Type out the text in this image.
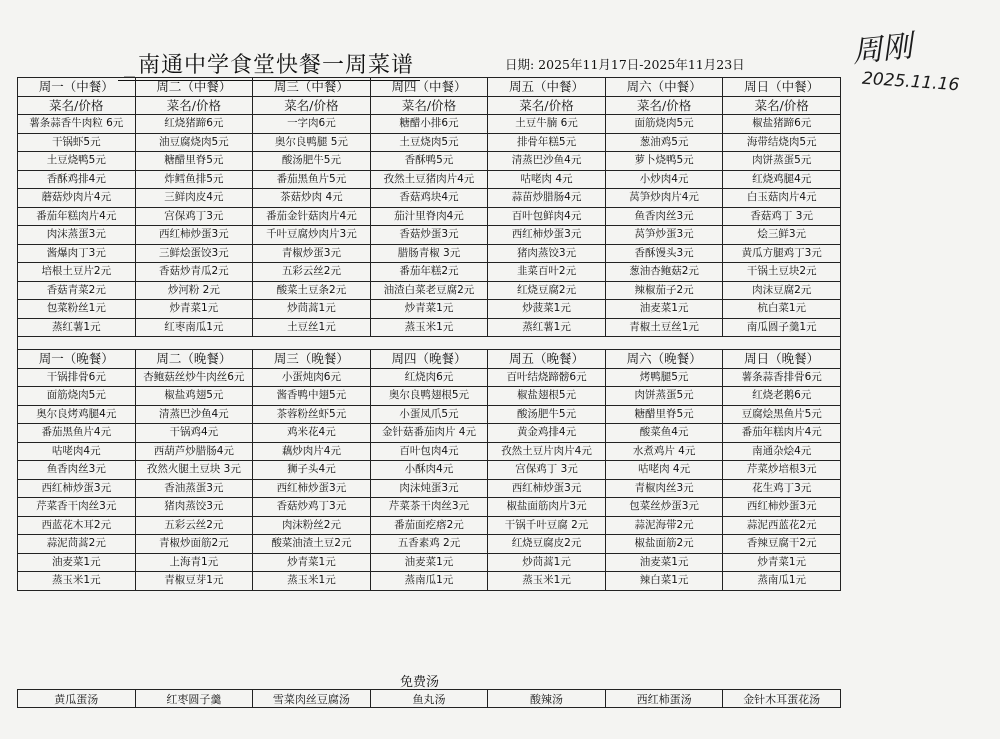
_南通中学食堂快餐一周菜谱	日期: 2025年11月17日-2025年11月23日	周刚
2025.11.16
周一（中餐）	周二（中餐）	周三（中餐）	周四（中餐）	周五（中餐）	周六（中餐）	周日（中餐）
菜名/价格	菜名/价格	菜名/价格	菜名/价格	菜名/价格	菜名/价格	菜名/价格
薯条蒜香牛肉粒 6元	红烧猪蹄6元	一字肉6元	糖醋小排6元	土豆牛腩 6元	面筋烧肉5元	椒盐猪蹄6元
干锅虾5元	油豆腐烧肉5元	奥尔良鸭腿 5元	土豆烧肉5元	排骨年糕5元	葱油鸡5元	海带结烧肉5元
土豆烧鸭5元	糖醋里脊5元	酸汤肥牛5元	香酥鸭5元	清蒸巴沙鱼4元	萝卜烧鸭5元	肉饼蒸蛋5元
香酥鸡排4元	炸鳕鱼排5元	番茄黑鱼片5元	孜然土豆猪肉片4元	咕咾肉 4元	小炒肉4元	红烧鸡腿4元
蘑菇炒肉片4元	三鲜肉皮4元	茶菇炒肉 4元	香菇鸡块4元	蒜苗炒腊肠4元	莴笋炒肉片4元	白玉菇肉片4元
番茄年糕肉片4元	宫保鸡丁3元	番茄金针菇肉片4元	茄汁里脊肉4元	百叶包鲜肉4元	鱼香肉丝3元	香菇鸡丁 3元
肉沫蒸蛋3元	西红柿炒蛋3元	千叶豆腐炒肉片3元	香菇炒蛋3元	西红柿炒蛋3元	莴笋炒蛋3元	烩三鲜3元
酱爆肉丁3元	三鲜烩蛋饺3元	青椒炒蛋3元	腊肠青椒 3元	猪肉蒸饺3元	香酥馒头3元	黄瓜方腿鸡丁3元
培根土豆片2元	香菇炒青瓜2元	五彩云丝2元	番茄年糕2元	韭菜百叶2元	葱油杏鲍菇2元	干锅土豆块2元
香菇青菜2元	炒河粉 2元	酸菜土豆条2元	油渣白菜老豆腐2元	红烧豆腐2元	辣椒茄子2元	肉沫豆腐2元
包菜粉丝1元	炒青菜1元	炒茼蒿1元	炒青菜1元	炒菠菜1元	油麦菜1元	杭白菜1元
蒸红薯1元	红枣南瓜1元	土豆丝1元	蒸玉米1元	蒸红薯1元	青椒土豆丝1元	南瓜圆子羹1元

周一（晚餐）	周二（晚餐）	周三（晚餐）	周四（晚餐）	周五（晚餐）	周六（晚餐）	周日（晚餐）
干锅排骨6元	杏鲍菇丝炒牛肉丝6元	小蛋炖肉6元	红烧肉6元	百叶结烧蹄髈6元	烤鸭腿5元	薯条蒜香排骨6元
面筋烧肉5元	椒盐鸡翅5元	酱香鸭中翅5元	奥尔良鸭翅根5元	椒盐翅根5元	肉饼蒸蛋5元	红烧老鹅6元
奥尔良烤鸡腿4元	清蒸巴沙鱼4元	茶蓉粉丝虾5元	小蛋凤爪5元	酸汤肥牛5元	糖醋里脊5元	豆腐烩黑鱼片5元
番茄黑鱼片4元	干锅鸡4元	鸡米花4元	金针菇番茄肉片 4元	黄金鸡排4元	酸菜鱼4元	番茄年糕肉片4元
咕咾肉4元	西葫芦炒腊肠4元	藕炒肉片4元	百叶包肉4元	孜然土豆片肉片4元	水煮鸡片 4元	南通杂烩4元
鱼香肉丝3元	孜然火腿土豆块 3元	狮子头4元	小酥肉4元	宫保鸡丁 3元	咕咾肉 4元	芹菜炒培根3元
西红柿炒蛋3元	香油蒸蛋3元	西红柿炒蛋3元	肉沫炖蛋3元	西红柿炒蛋3元	青椒肉丝3元	花生鸡丁3元
芹菜香干肉丝3元	猪肉蒸饺3元	香菇炒鸡丁3元	芹菜茶干肉丝3元	椒盐面筋肉片3元	包菜丝炒蛋3元	西红柿炒蛋3元
西蓝花木耳2元	五彩云丝2元	肉沫粉丝2元	番茄面疙瘩2元	干锅千叶豆腐 2元	蒜泥海带2元	蒜泥西蓝花2元
蒜泥茼蒿2元	青椒炒面筋2元	酸菜油渣土豆2元	五香素鸡 2元	红烧豆腐皮2元	椒盐面筋2元	香辣豆腐干2元
油麦菜1元	上海青1元	炒青菜1元	油麦菜1元	炒茼蒿1元	油麦菜1元	炒青菜1元
蒸玉米1元	青椒豆芽1元	蒸玉米1元	蒸南瓜1元	蒸玉米1元	辣白菜1元	蒸南瓜1元
免费汤
黄瓜蛋汤	红枣圆子羹	雪菜肉丝豆腐汤	鱼丸汤	酸辣汤	西红柿蛋汤	金针木耳蛋花汤
